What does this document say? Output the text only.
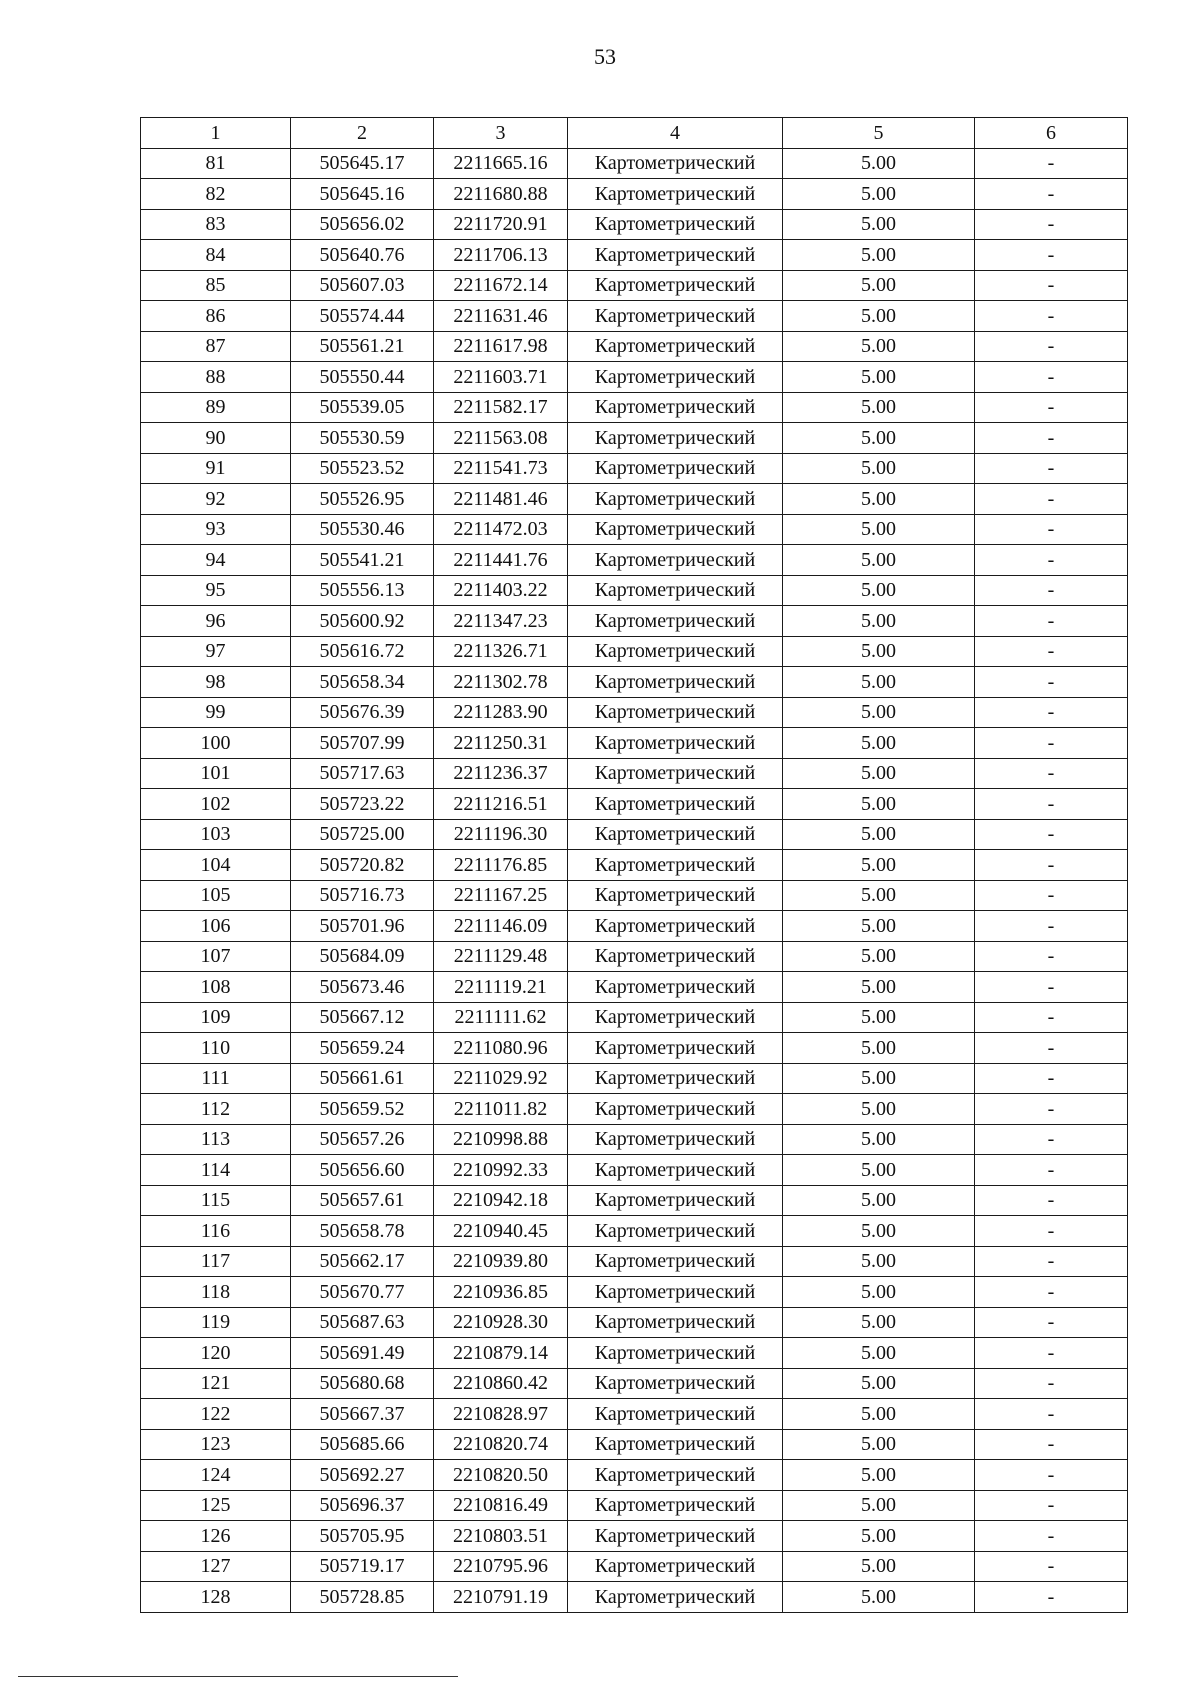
53
1	2	3	4	5	6
81	505645.17	2211665.16	Картометрический	5.00	-
82	505645.16	2211680.88	Картометрический	5.00	-
83	505656.02	2211720.91	Картометрический	5.00	-
84	505640.76	2211706.13	Картометрический	5.00	-
85	505607.03	2211672.14	Картометрический	5.00	-
86	505574.44	2211631.46	Картометрический	5.00	-
87	505561.21	2211617.98	Картометрический	5.00	-
88	505550.44	2211603.71	Картометрический	5.00	-
89	505539.05	2211582.17	Картометрический	5.00	-
90	505530.59	2211563.08	Картометрический	5.00	-
91	505523.52	2211541.73	Картометрический	5.00	-
92	505526.95	2211481.46	Картометрический	5.00	-
93	505530.46	2211472.03	Картометрический	5.00	-
94	505541.21	2211441.76	Картометрический	5.00	-
95	505556.13	2211403.22	Картометрический	5.00	-
96	505600.92	2211347.23	Картометрический	5.00	-
97	505616.72	2211326.71	Картометрический	5.00	-
98	505658.34	2211302.78	Картометрический	5.00	-
99	505676.39	2211283.90	Картометрический	5.00	-
100	505707.99	2211250.31	Картометрический	5.00	-
101	505717.63	2211236.37	Картометрический	5.00	-
102	505723.22	2211216.51	Картометрический	5.00	-
103	505725.00	2211196.30	Картометрический	5.00	-
104	505720.82	2211176.85	Картометрический	5.00	-
105	505716.73	2211167.25	Картометрический	5.00	-
106	505701.96	2211146.09	Картометрический	5.00	-
107	505684.09	2211129.48	Картометрический	5.00	-
108	505673.46	2211119.21	Картометрический	5.00	-
109	505667.12	2211111.62	Картометрический	5.00	-
110	505659.24	2211080.96	Картометрический	5.00	-
111	505661.61	2211029.92	Картометрический	5.00	-
112	505659.52	2211011.82	Картометрический	5.00	-
113	505657.26	2210998.88	Картометрический	5.00	-
114	505656.60	2210992.33	Картометрический	5.00	-
115	505657.61	2210942.18	Картометрический	5.00	-
116	505658.78	2210940.45	Картометрический	5.00	-
117	505662.17	2210939.80	Картометрический	5.00	-
118	505670.77	2210936.85	Картометрический	5.00	-
119	505687.63	2210928.30	Картометрический	5.00	-
120	505691.49	2210879.14	Картометрический	5.00	-
121	505680.68	2210860.42	Картометрический	5.00	-
122	505667.37	2210828.97	Картометрический	5.00	-
123	505685.66	2210820.74	Картометрический	5.00	-
124	505692.27	2210820.50	Картометрический	5.00	-
125	505696.37	2210816.49	Картометрический	5.00	-
126	505705.95	2210803.51	Картометрический	5.00	-
127	505719.17	2210795.96	Картометрический	5.00	-
128	505728.85	2210791.19	Картометрический	5.00	-
